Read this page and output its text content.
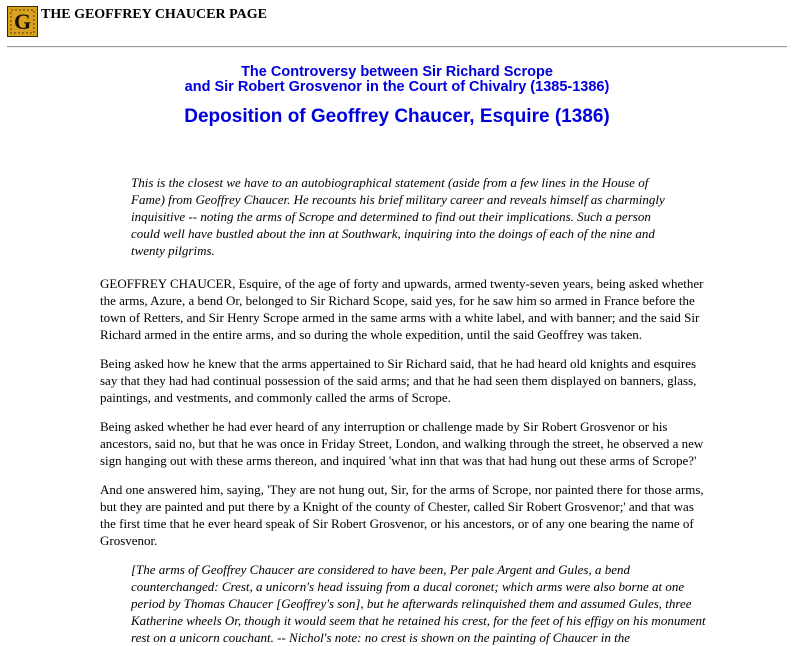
G THE GEOFFREY CHAUCER PAGE
The Controversy between Sir Richard Scrope
and Sir Robert Grosvenor in the Court of Chivalry (1385-1386)
Deposition of Geoffrey Chaucer, Esquire (1386)

This is the closest we have to an autobiographical statement (aside from a few lines in the House of Fame) from Geoffrey Chaucer. He recounts his brief military career and reveals himself as charmingly inquisitive -- noting the arms of Scrope and determined to find out their implications. Such a person could well have bustled about the inn at Southwark, inquiring into the doings of each of the nine and twenty pilgrims.

GEOFFREY CHAUCER, Esquire, of the age of forty and upwards, armed twenty-seven years, being asked whether the arms, Azure, a bend Or, belonged to Sir Richard Scope, said yes, for he saw him so armed in France before the town of Retters, and Sir Henry Scrope armed in the same arms with a white label, and with banner; and the said Sir Richard armed in the entire arms, and so during the whole expedition, until the said Geoffrey was taken.

Being asked how he knew that the arms appertained to Sir Richard said, that he had heard old knights and esquires say that they had had continual possession of the said arms; and that he had seen them displayed on banners, glass, paintings, and vestments, and commonly called the arms of Scrope.

Being asked whether he had ever heard of any interruption or challenge made by Sir Robert Grosvenor or his ancestors, said no, but that he was once in Friday Street, London, and walking through the street, he observed a new sign hanging out with these arms thereon, and inquired 'what inn that was that had hung out these arms of Scrope?'

And one answered him, saying, 'They are not hung out, Sir, for the arms of Scrope, nor painted there for those arms, but they are painted and put there by a Knight of the county of Chester, called Sir Robert Grosvenor;' and that was the first time that he ever heard speak of Sir Robert Grosvenor, or his ancestors, or of any one bearing the name of Grosvenor.

[The arms of Geoffrey Chaucer are considered to have been, Per pale Argent and Gules, a bend counterchanged: Crest, a unicorn's head issuing from a ducal coronet; which arms were also borne at one period by Thomas Chaucer [Geoffrey's son], but he afterwards relinquished them and assumed Gules, three Katherine wheels Or, though it would seem that he retained his crest, for the feet of his effigy on his monument rest on a unicorn couchant. -- Nichol's note: no crest is shown on the painting of Chaucer in the
